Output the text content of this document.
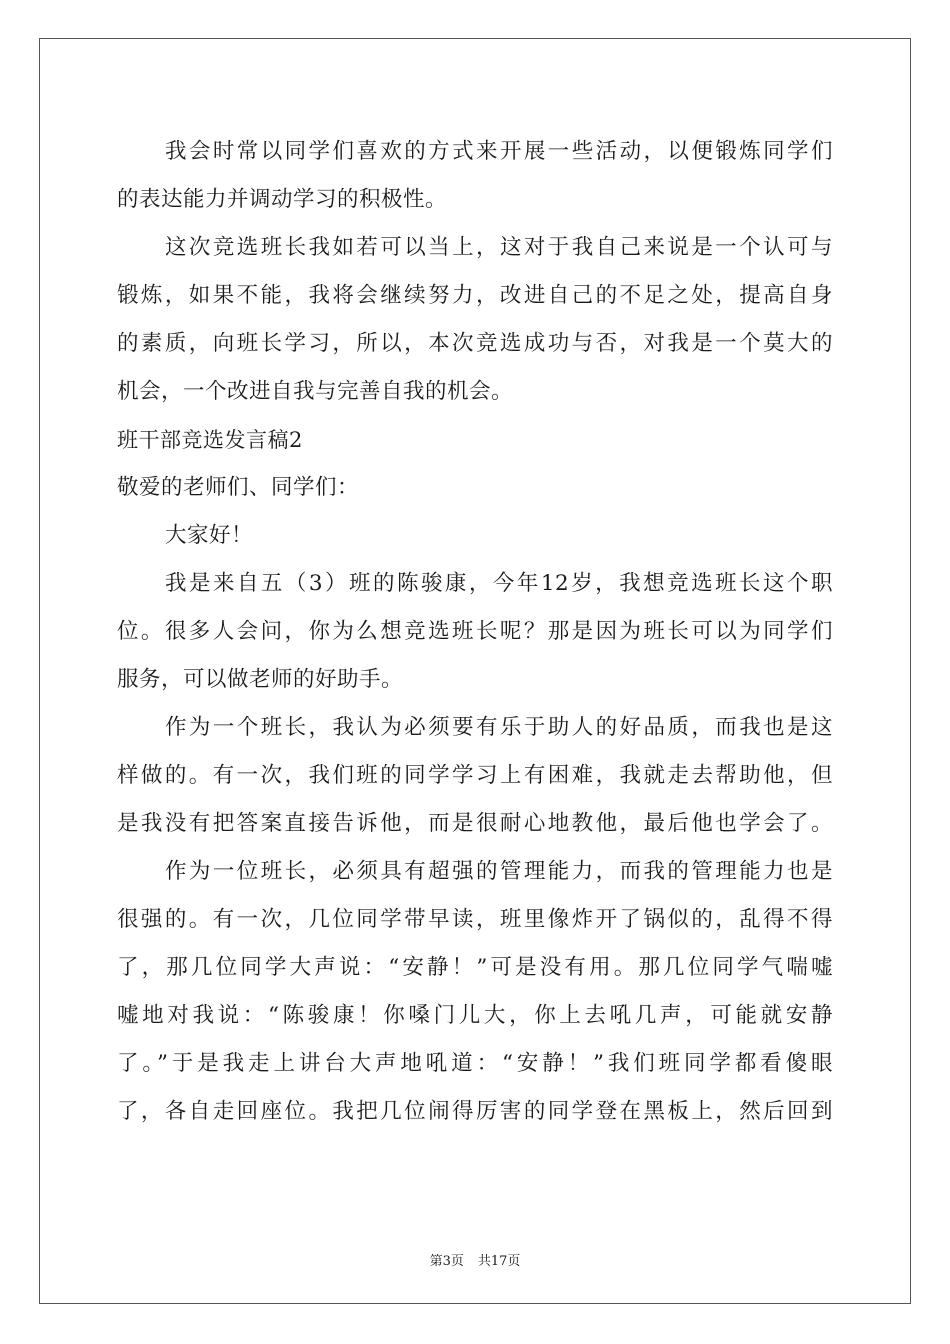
我会时常以同学们喜欢的方式来开展一些活动，以便锻炼同学们
的表达能力并调动学习的积极性。
这次竞选班长我如若可以当上，这对于我自己来说是一个认可与
锻炼，如果不能，我将会继续努力，改进自己的不足之处，提高自身
的素质，向班长学习，所以，本次竞选成功与否，对我是一个莫大的
机会，一个改进自我与完善自我的机会。
班干部竞选发言稿2
敬爱的老师们、同学们：
大家好！
我是来自五（3）班的陈骏康，今年12岁，我想竞选班长这个职
位。很多人会问，你为么想竞选班长呢？那是因为班长可以为同学们
服务，可以做老师的好助手。
作为一个班长，我认为必须要有乐于助人的好品质，而我也是这
样做的。有一次，我们班的同学学习上有困难，我就走去帮助他，但
是我没有把答案直接告诉他，而是很耐心地教他，最后他也学会了。
作为一位班长，必须具有超强的管理能力，而我的管理能力也是
很强的。有一次，几位同学带早读，班里像炸开了锅似的，乱得不得
了，那几位同学大声说：“安静！”可是没有用。那几位同学气喘嘘
嘘地对我说：“陈骏康！你嗓门儿大，你上去吼几声，可能就安静
了。”于是我走上讲台大声地吼道：“安静！”我们班同学都看傻眼
了，各自走回座位。我把几位闹得厉害的同学登在黑板上，然后回到
第3页 共17页
